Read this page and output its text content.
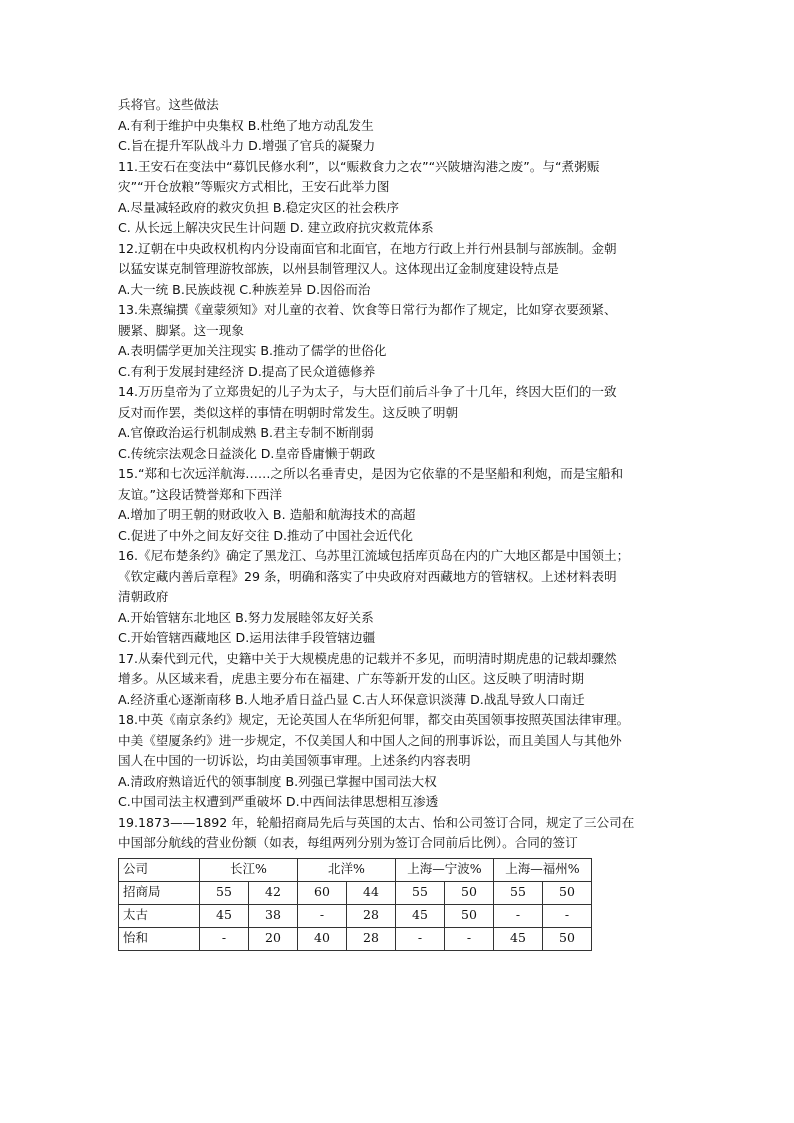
兵将官。这些做法
A.有利于维护中央集权 B.杜绝了地方动乱发生
C.旨在提升军队战斗力 D.增强了官兵的凝聚力
11.王安石在变法中“募饥民修水利”，以“赈救食力之农”“兴陂塘沟港之废”。与“煮粥赈
灾”“开仓放粮”等赈灾方式相比，王安石此举力图
A.尽量减轻政府的救灾负担 B.稳定灾区的社会秩序
C. 从长远上解决灾民生计问题 D. 建立政府抗灾救荒体系
12.辽朝在中央政权机构内分设南面官和北面官，在地方行政上并行州县制与部族制。金朝
以猛安谋克制管理游牧部族，以州县制管理汉人。这体现出辽金制度建设特点是
A.大一统 B.民族歧视 C.种族差异 D.因俗而治
13.朱熹编撰《童蒙须知》对儿童的衣着、饮食等日常行为都作了规定，比如穿衣要颈紧、
腰紧、脚紧。这一现象
A.表明儒学更加关注现实 B.推动了儒学的世俗化
C.有利于发展封建经济 D.提高了民众道德修养
14.万历皇帝为了立郑贵妃的儿子为太子，与大臣们前后斗争了十几年，终因大臣们的一致
反对而作罢，类似这样的事情在明朝时常发生。这反映了明朝
A.官僚政治运行机制成熟 B.君主专制不断削弱
C.传统宗法观念日益淡化 D.皇帝昏庸懒于朝政
15.“郑和七次远洋航海……之所以名垂青史，是因为它依靠的不是坚船和利炮，而是宝船和
友谊。”这段话赞誉郑和下西洋
A.增加了明王朝的财政收入 B. 造船和航海技术的高超
C.促进了中外之间友好交往 D.推动了中国社会近代化
16.《尼布楚条约》确定了黑龙江、乌苏里江流域包括库页岛在内的广大地区都是中国领土；
《钦定藏内善后章程》29 条，明确和落实了中央政府对西藏地方的管辖权。上述材料表明
清朝政府
A.开始管辖东北地区 B.努力发展睦邻友好关系
C.开始管辖西藏地区 D.运用法律手段管辖边疆
17.从秦代到元代，史籍中关于大规模虎患的记载并不多见，而明清时期虎患的记载却骤然
增多。从区域来看，虎患主要分布在福建、广东等新开发的山区。这反映了明清时期
A.经济重心逐渐南移 B.人地矛盾日益凸显 C.古人环保意识淡薄 D.战乱导致人口南迁
18.中英《南京条约》规定，无论英国人在华所犯何罪，都交由英国领事按照英国法律审理。
中美《望厦条约》进一步规定，不仅美国人和中国人之间的刑事诉讼，而且美国人与其他外
国人在中国的一切诉讼，均由美国领事审理。上述条约内容表明
A.清政府熟谙近代的领事制度 B.列强已掌握中国司法大权
C.中国司法主权遭到严重破坏 D.中西间法律思想相互渗透
19.1873——1892 年，轮船招商局先后与英国的太古、怡和公司签订合同，规定了三公司在
中国部分航线的营业份额（如表，每组两列分别为签订合同前后比例）。合同的签订
公司	长江%		北洋%		上海—宁波%		上海—福州%	
招商局	55	42	60	44	55	50	55	50
太古	45	38	-	28	45	50	-	-
怡和	-	20	40	28	-	-	45	50
